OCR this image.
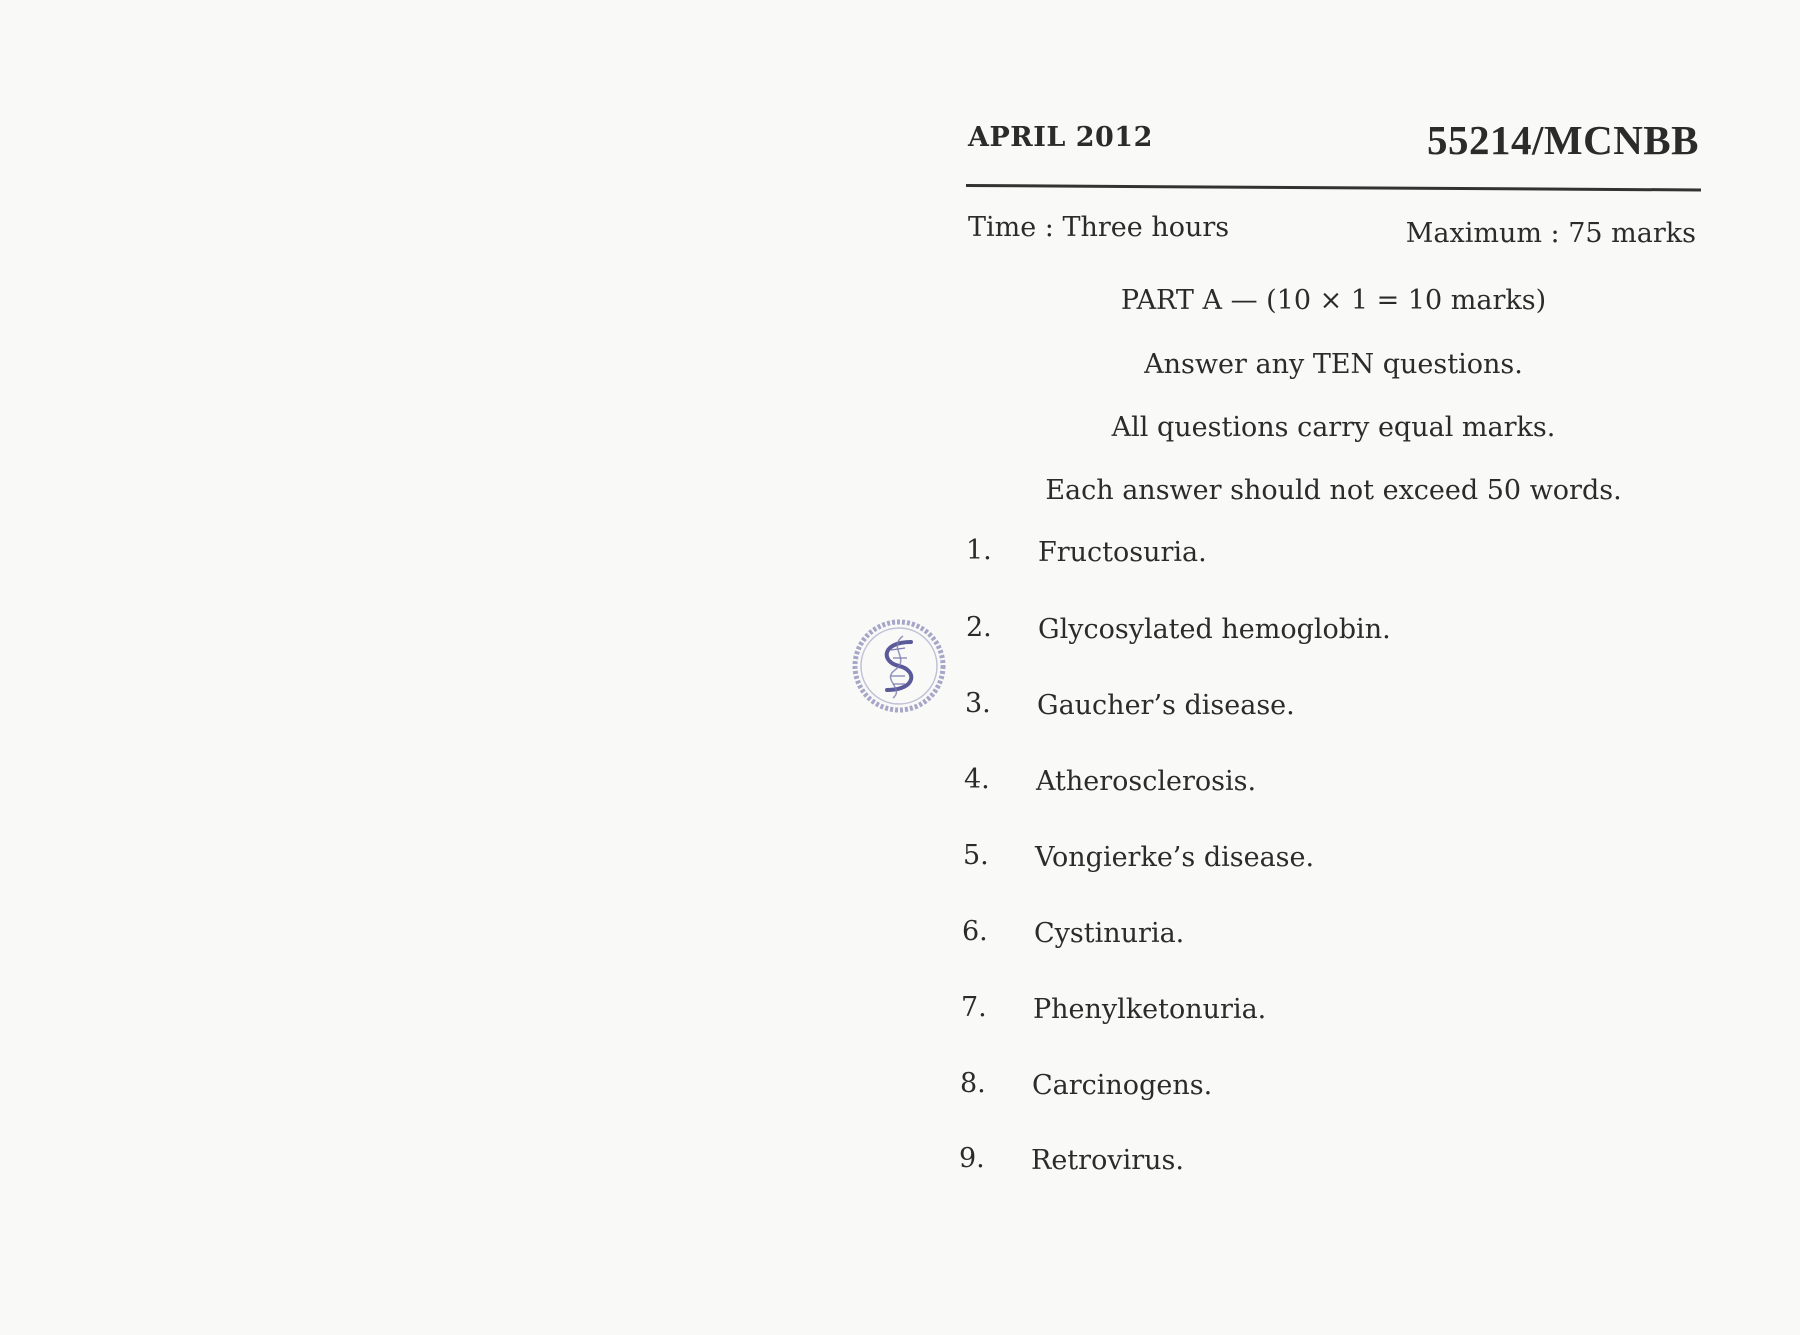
APRIL 2012	55214/MCNBB
Time : Three hours	Maximum : 75 marks
PART A — (10 × 1 = 10 marks)
Answer any TEN questions.
All questions carry equal marks.
Each answer should not exceed 50 words.
1. Fructosuria.
2. Glycosylated hemoglobin.
3. Gaucher’s disease.
4. Atherosclerosis.
5. Vongierke’s disease.
6. Cystinuria.
7. Phenylketonuria.
8. Carcinogens.
9. Retrovirus.
